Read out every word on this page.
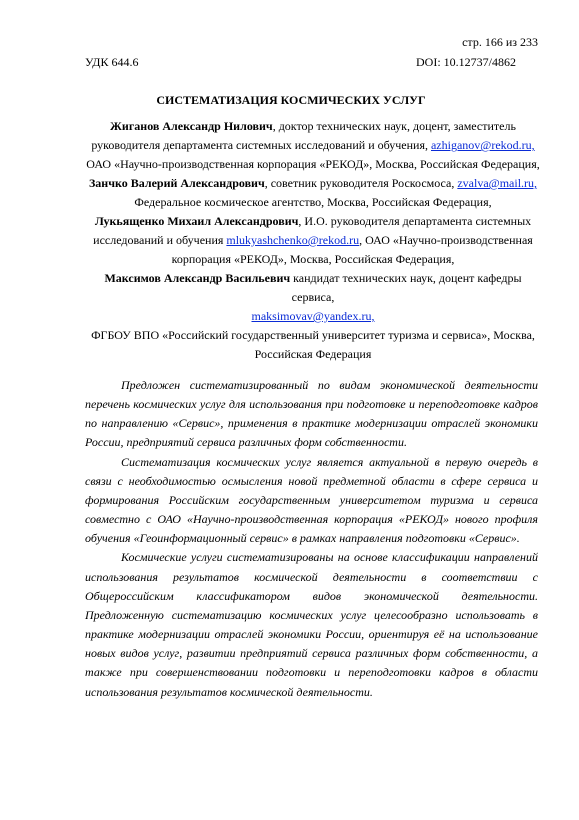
стр. 166 из 233
УДК 644.6	DOI: 10.12737/4862
СИСТЕМАТИЗАЦИЯ КОСМИЧЕСКИХ УСЛУГ
Жиганов Александр Нилович, доктор технических наук, доцент, заместитель руководителя департамента системных исследований и обучения, azhiganov@rekod.ru,
ОАО «Научно-производственная корпорация «РЕКОД», Москва, Российская Федерация,
Занчко Валерий Александрович, советник руководителя Роскосмоса, zvalva@mail.ru,
Федеральное космическое агентство, Москва, Российская Федерация,
Лукьященко Михаил Александрович, И.О. руководителя департамента системных исследований и обучения mlukyashchenko@rekod.ru, ОАО «Научно-производственная корпорация «РЕКОД», Москва, Российская Федерация,
Максимов Александр Васильевич кандидат технических наук, доцент кафедры сервиса,
maksimovav@yandex.ru,
ФГБОУ ВПО «Российский государственный университет туризма и сервиса», Москва, Российская Федерация

Предложен систематизированный по видам экономической деятельности перечень космических услуг для использования при подготовке и переподготовке кадров по направлению «Сервис», применения в практике модернизации отраслей экономики России, предприятий сервиса различных форм собственности.

Систематизация космических услуг является актуальной в первую очередь в связи с необходимостью осмысления новой предметной области в сфере сервиса и формирования Российским государственным университетом туризма и сервиса совместно с ОАО «Научно-производственная корпорация «РЕКОД» нового профиля обучения «Геоинформационный сервис» в рамках направления подготовки «Сервис».

Космические услуги систематизированы на основе классификации направлений использования результатов космической деятельности в соответствии с Общероссийским классификатором видов экономической деятельности. Предложенную систематизацию космических услуг целесообразно использовать в практике модернизации отраслей экономики России, ориентируя её на использование новых видов услуг, развитии предприятий сервиса различных форм собственности, а также при совершенствовании подготовки и переподготовки кадров в области использования результатов космической деятельности.
